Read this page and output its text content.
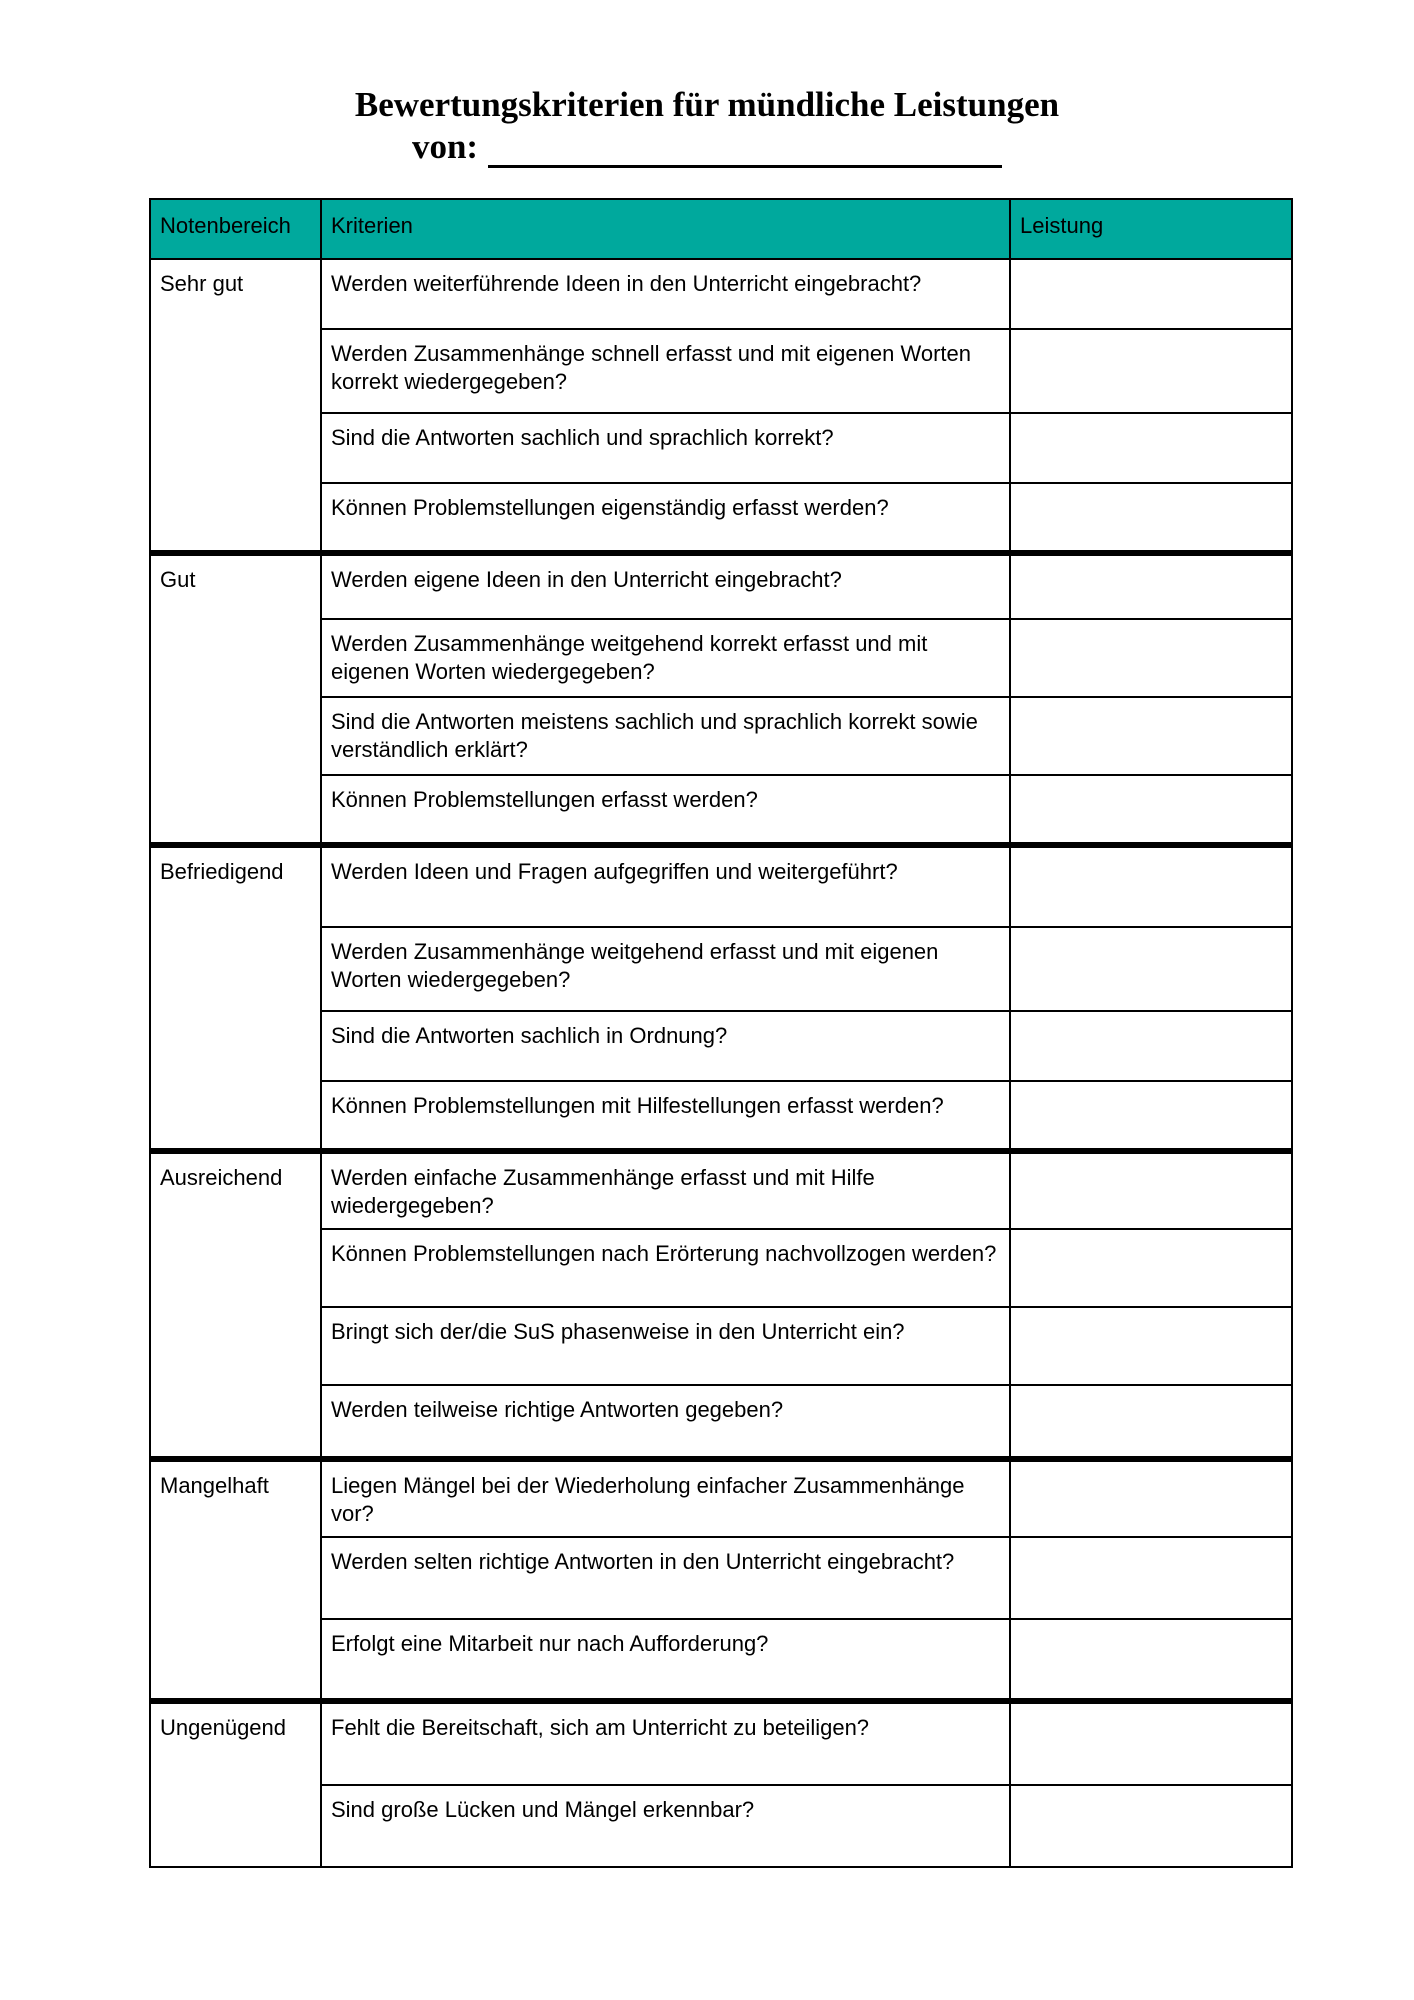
Bewertungskriterien für mündliche Leistungen
von:
Notenbereich	Kriterien	Leistung
Sehr gut	Werden weiterführende Ideen in den Unterricht eingebracht?	
	Werden Zusammenhänge schnell erfasst und mit eigenen Worten korrekt wiedergegeben?	
	Sind die Antworten sachlich und sprachlich korrekt?	
	Können Problemstellungen eigenständig erfasst werden?	
Gut	Werden eigene Ideen in den Unterricht eingebracht?	
	Werden Zusammenhänge weitgehend korrekt erfasst und mit eigenen Worten wiedergegeben?	
	Sind die Antworten meistens sachlich und sprachlich korrekt sowie verständlich erklärt?	
	Können Problemstellungen erfasst werden?	
Befriedigend	Werden Ideen und Fragen aufgegriffen und weitergeführt?	
	Werden Zusammenhänge weitgehend erfasst und mit eigenen Worten wiedergegeben?	
	Sind die Antworten sachlich in Ordnung?	
	Können Problemstellungen mit Hilfestellungen erfasst werden?	
Ausreichend	Werden einfache Zusammenhänge erfasst und mit Hilfe wiedergegeben?	
	Können Problemstellungen nach Erörterung nachvollzogen werden?	
	Bringt sich der/die SuS phasenweise in den Unterricht ein?	
	Werden teilweise richtige Antworten gegeben?	
Mangelhaft	Liegen Mängel bei der Wiederholung einfacher Zusammenhänge vor?	
	Werden selten richtige Antworten in den Unterricht eingebracht?	
	Erfolgt eine Mitarbeit nur nach Aufforderung?	
Ungenügend	Fehlt die Bereitschaft, sich am Unterricht zu beteiligen?	
	Sind große Lücken und Mängel erkennbar?	
